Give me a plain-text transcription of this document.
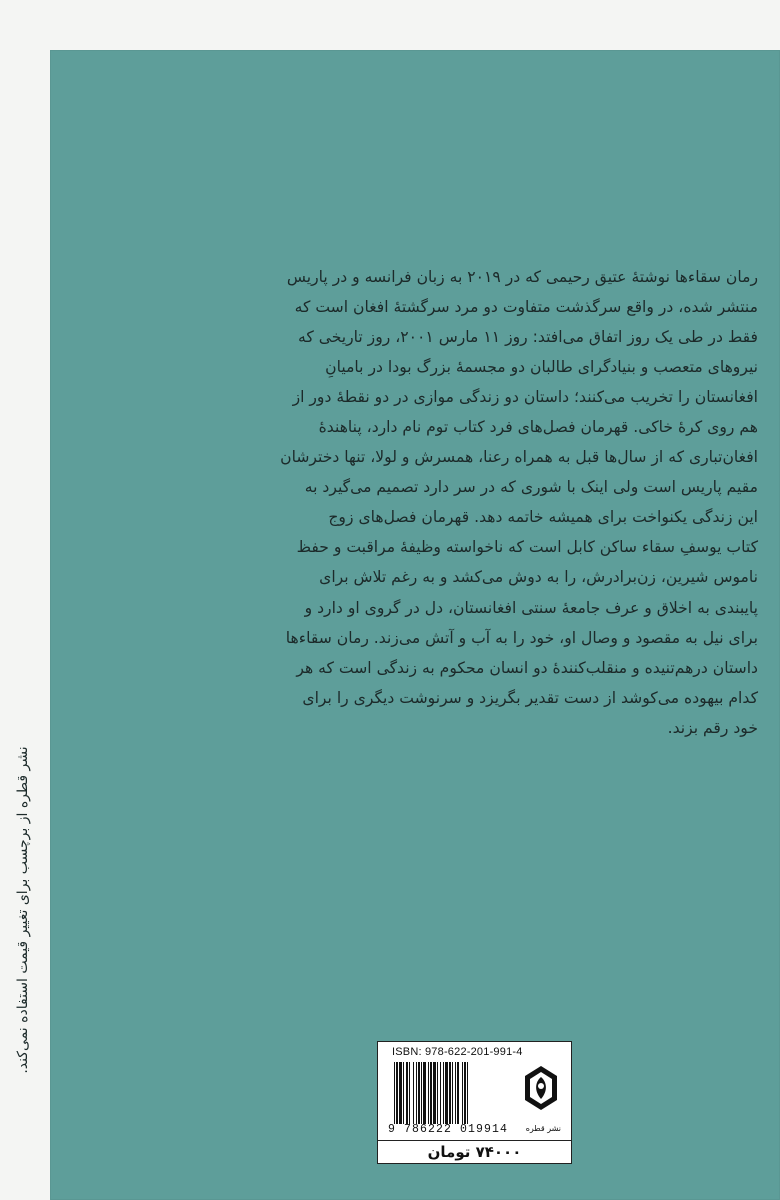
رمان سقاءها نوشتهٔ عتیق رحیمی که در ۲۰۱۹ به زبان فرانسه و در پاریس

منتشر شده، در واقع سرگذشت متفاوت دو مرد سرگشتهٔ افغان است که

فقط در طی یک روز اتفاق می‌افتد: روز ۱۱ مارس ۲۰۰۱، روز تاریخی که

نیروهای متعصب و بنیادگرای طالبان دو مجسمهٔ بزرگ بودا در بامیانِ

افغانستان را تخریب می‌کنند؛ داستان دو زندگی موازی در دو نقطهٔ دور از

هم روی کرهٔ خاکی. قهرمان فصل‌های فرد کتاب توم نام دارد، پناهندهٔ

افغان‌تباری که از سال‌ها قبل به همراه رعنا، همسرش و لولا، تنها دخترشان

مقیم پاریس است ولی اینک با شوری که در سر دارد تصمیم می‌گیرد به

این زندگی یکنواخت برای همیشه خاتمه دهد. قهرمان فصل‌های زوج

کتاب یوسفِ سقاء ساکن کابل است که ناخواسته وظیفهٔ مراقبت و حفظ

ناموس شیرین، زن‌برادرش، را به دوش می‌کشد و به رغم تلاش برای

پایبندی به اخلاق و عرف جامعهٔ سنتی افغانستان، دل در گروی او دارد و

برای نیل به مقصود و وصال او، خود را به آب و آتش می‌زند. رمان سقاءها

داستان درهم‌تنیده و منقلب‌کنندهٔ دو انسان محکوم به زندگی است که هر

کدام بیهوده می‌کوشد از دست تقدیر بگریزد و سرنوشت دیگری را برای

خود رقم بزند.

ISBN: 978-622-201-991-4
9 786222 019914 نشر قطره
۷۴۰۰۰ تومان
نشر قطره از برچسب برای تغییر قیمت استفاده نمی‌کند.
